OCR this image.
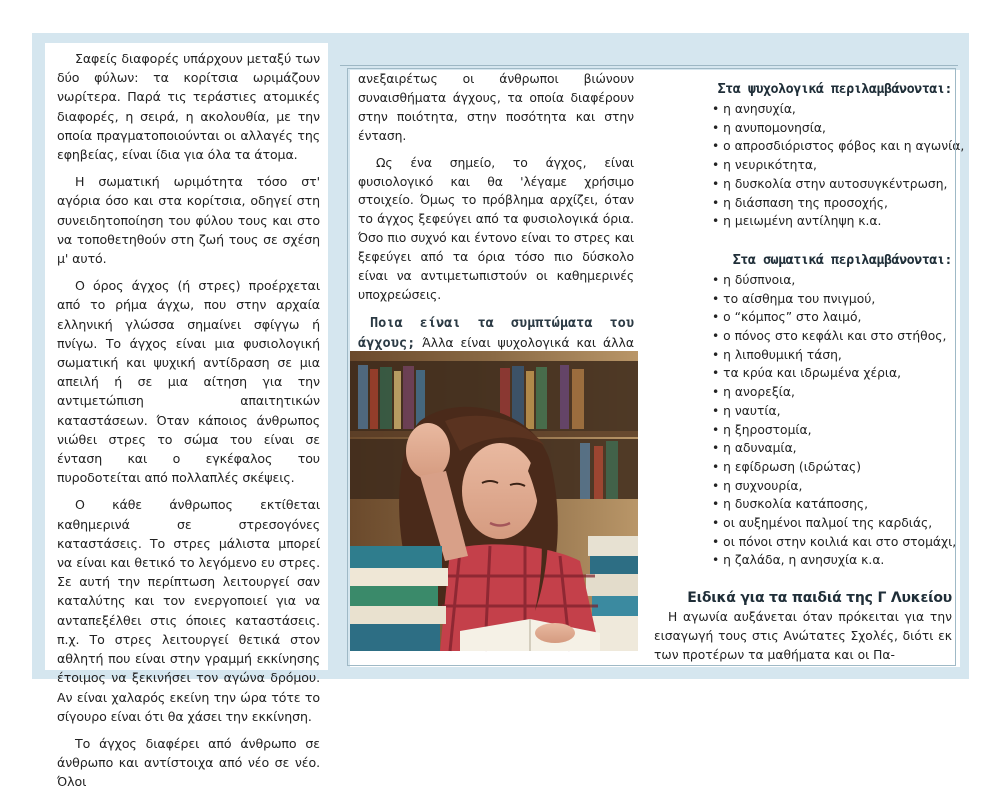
Σαφείς διαφορές υπάρχουν μεταξύ των δύο φύλων: τα κορίτσια ωριμάζουν νωρίτερα. Παρά τις τεράστιες ατομικές διαφορές, η σειρά, η ακολουθία, με την οποία πραγματοποιούνται οι αλλαγές της εφηβείας, είναι ίδια για όλα τα άτομα.

Η σωματική ωριμότητα τόσο στ' αγόρια όσο και στα κορίτσια, οδηγεί στη συνειδητοποίηση του φύλου τους και στο να τοποθετηθούν στη ζωή τους σε σχέση μ' αυτό.

Ο όρος άγχος (ή στρες) προέρχεται από το ρήμα άγχω, που στην αρχαία ελληνική γλώσσα σημαίνει σφίγγω ή πνίγω. Το άγχος είναι μια φυσιολογική σωματική και ψυχική αντίδραση σε μια απειλή ή σε μια αίτηση για την αντιμετώπιση απαιτητικών καταστάσεων. Όταν κάποιος άνθρωπος νιώθει στρες το σώμα του είναι σε ένταση και ο εγκέφαλος του πυροδοτείται από πολλαπλές σκέψεις.

Ο κάθε άνθρωπος εκτίθεται καθημερινά σε στρεσογόνες καταστάσεις. Το στρες μάλιστα μπορεί να είναι και θετικό το λεγόμενο ευ στρες. Σε αυτή την περίπτωση λειτουργεί σαν καταλύτης και τον ενεργοποιεί για να ανταπεξέλθει στις όποιες καταστάσεις. π.χ. Το στρες λειτουργεί θετικά στον αθλητή που είναι στην γραμμή εκκίνησης έτοιμος να ξεκινήσει τον αγώνα δρόμου. Αν είναι χαλαρός εκείνη την ώρα τότε το σίγουρο είναι ότι θα χάσει την εκκίνηση.

Το άγχος διαφέρει από άνθρωπο σε άνθρωπο και αντίστοιχα από νέο σε νέο. Όλοι

ανεξαιρέτως οι άνθρωποι βιώνουν συναισθήματα άγχους, τα οποία διαφέρουν στην ποιότητα, στην ποσότητα και στην ένταση.

Ως ένα σημείο, το άγχος, είναι φυσιολογικό και θα 'λέγαμε χρήσιμο στοιχείο. Όμως το πρόβλημα αρχίζει, όταν το άγχος ξεφεύγει από τα φυσιολογικά όρια. Όσο πιο συχνό και έντονο είναι το στρες και ξεφεύγει από τα όρια τόσο πιο δύσκολο είναι να αντιμετωπιστούν οι καθημερινές υποχρεώσεις.

Ποια είναι τα συμπτώματα του άγχους; Άλλα είναι ψυχολογικά και άλλα

Στα ψυχολογικά περιλαμβάνονται:
• η ανησυχία,
• η ανυπομονησία,
• ο απροσδιόριστος φόβος και η αγωνία,
• η νευρικότητα,
• η δυσκολία στην αυτοσυγκέντρωση,
• η διάσπαση της προσοχής,
• η μειωμένη αντίληψη κ.α.
Στα σωματικά περιλαμβάνονται:
• η δύσπνοια,
• το αίσθημα του πνιγμού,
• ο “κόμπος” στο λαιμό,
• ο πόνος στο κεφάλι και στο στήθος,
• η λιποθυμική τάση,
• τα κρύα και ιδρωμένα χέρια,
• η ανορεξία,
• η ναυτία,
• η ξηροστομία,
• η αδυναμία,
• η εφίδρωση (ιδρώτας)
• η συχνουρία,
• η δυσκολία κατάποσης,
• οι αυξημένοι παλμοί της καρδιάς,
• οι πόνοι στην κοιλιά και στο στομάχι,
• η ζαλάδα, η ανησυχία κ.α.
Ειδικά για τα παιδιά της Γ Λυκείου

Η αγωνία αυξάνεται όταν πρόκειται για την εισαγωγή τους στις Ανώτατες Σχολές, διότι εκ των προτέρων τα μαθήματα και οι Πα-
